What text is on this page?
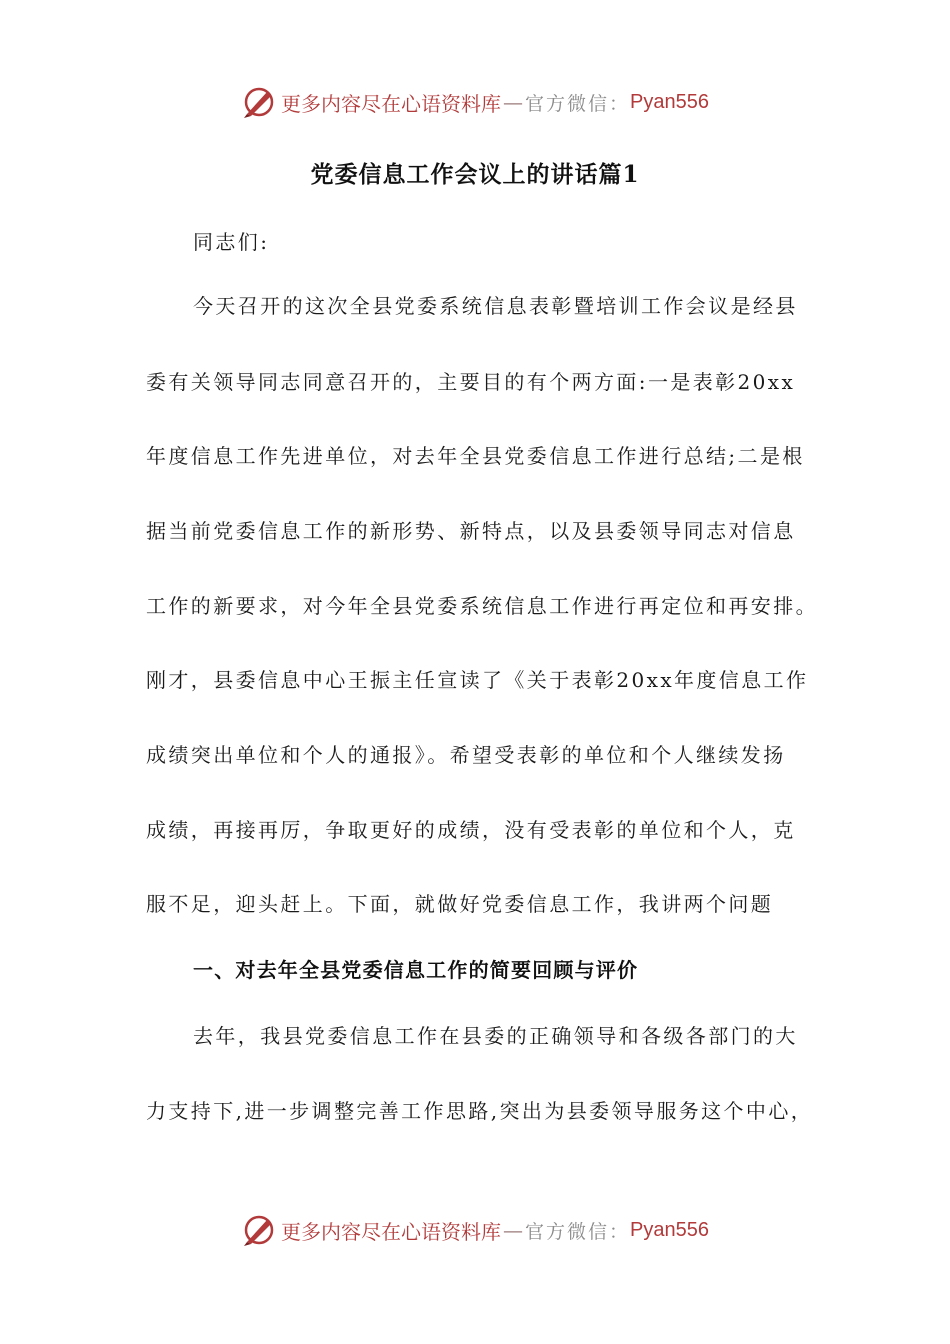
更多内容尽在心语资料库 — 官方微信： Pyan556
党委信息工作会议上的讲话篇1
同志们:
今天召开的这次全县党委系统信息表彰暨培训工作会议是经县
委有关领导同志同意召开的，主要目的有个两方面:一是表彰20xx
年度信息工作先进单位，对去年全县党委信息工作进行总结;二是根
据当前党委信息工作的新形势、新特点，以及县委领导同志对信息
工作的新要求，对今年全县党委系统信息工作进行再定位和再安排。
刚才，县委信息中心王振主任宣读了《关于表彰20xx年度信息工作
成绩突出单位和个人的通报》。希望受表彰的单位和个人继续发扬
成绩，再接再厉，争取更好的成绩，没有受表彰的单位和个人，克
服不足，迎头赶上。下面，就做好党委信息工作，我讲两个问题
一、对去年全县党委信息工作的简要回顾与评价
去年，我县党委信息工作在县委的正确领导和各级各部门的大
力支持下,进一步调整完善工作思路,突出为县委领导服务这个中心，
更多内容尽在心语资料库 — 官方微信： Pyan556
